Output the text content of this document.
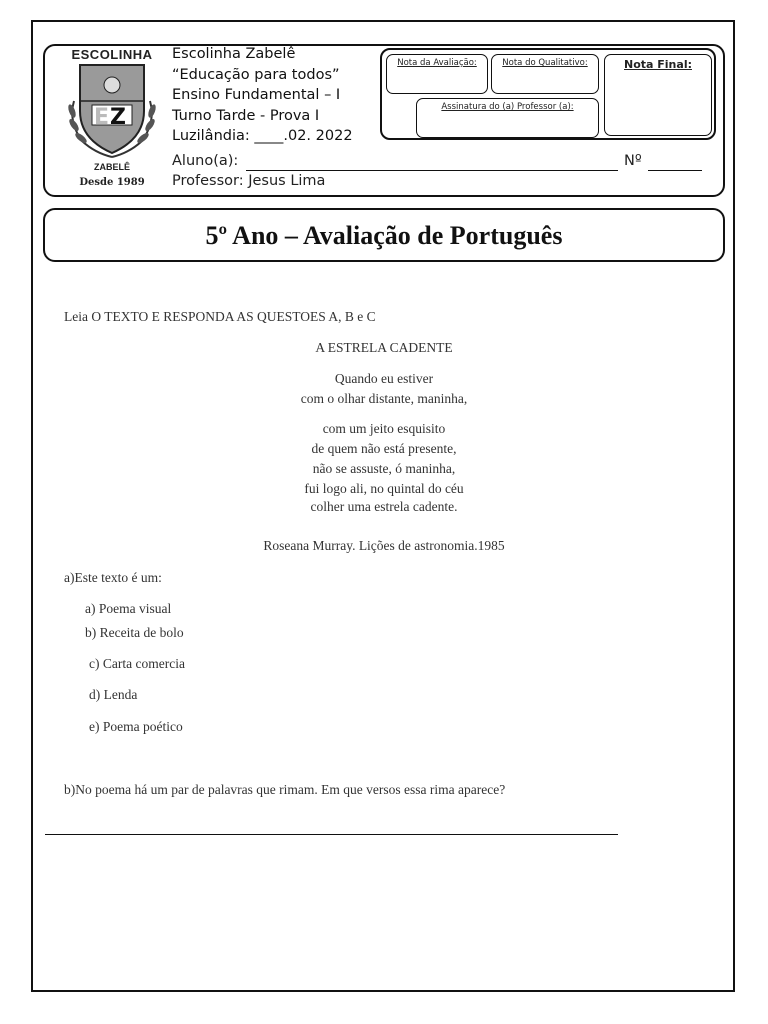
ESCOLINHA
E Z
ZABELÊ
Desde 1989
Escolinha Zabelê
“Educação para todos”
Ensino Fundamental – I
Turno Tarde - Prova I
Luzilândia: ____.02. 2022
Nota da Avaliação:	Nota do Qualitativo:	Nota Final:
Assinatura do (a) Professor (a):
Aluno(a):	Nº
Professor: Jesus Lima
5º Ano – Avaliação de Português
Leia O TEXTO E RESPONDA AS QUESTOES A, B e C
A ESTRELA CADENTE
Quando eu estiver
com o olhar distante, maninha,
com um jeito esquisito
de quem não está presente,
não se assuste, ó maninha,
fui logo ali, no quintal do céu
colher uma estrela cadente.
Roseana Murray. Lições de astronomia.1985
a)Este texto é um:
a) Poema visual
b) Receita de bolo
c) Carta comercia
d) Lenda
e) Poema poético
b)No poema há um par de palavras que rimam. Em que versos essa rima aparece?
